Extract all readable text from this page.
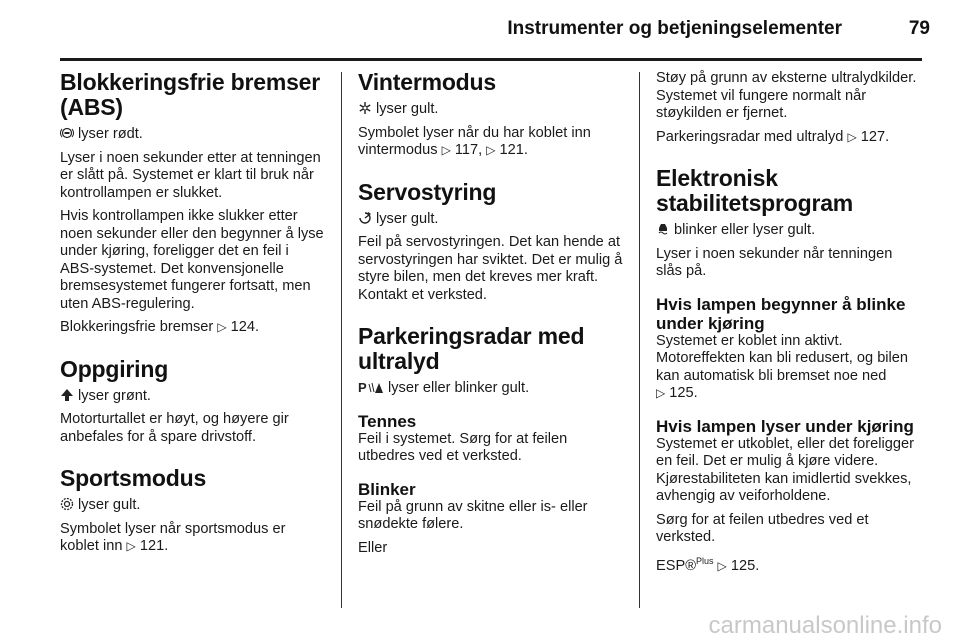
Instrumenter og betjeningselementer	79
Blokkeringsfrie bremser (ABS)

lyser rødt.

Lyser i noen sekunder etter at tenningen er slått på. Systemet er klart til bruk når kontrollampen er slukket.

Hvis kontrollampen ikke slukker etter noen sekunder eller den begynner å lyse under kjøring, foreligger det en feil i ABS-systemet. Det konvensjonelle bremsesystemet fungerer fortsatt, men uten ABS-regulering.

Blokkeringsfrie bremser ▷ 124.

Oppgiring

lyser grønt.

Motorturtallet er høyt, og høyere gir anbefales for å spare drivstoff.

Sportsmodus

lyser gult.

Symbolet lyser når sportsmodus er koblet inn ▷ 121.

Vintermodus

lyser gult.

Symbolet lyser når du har koblet inn vintermodus ▷ 117, ▷ 121.

Servostyring

lyser gult.

Feil på servostyringen. Det kan hende at servostyringen har sviktet. Det er mulig å styre bilen, men det kreves mer kraft. Kontakt et verksted.

Parkeringsradar med ultralyd

P lyser eller blinker gult.

Tennes

Feil i systemet. Sørg for at feilen utbedres ved et verksted.

Blinker

Feil på grunn av skitne eller is- eller snødekte følere.

Eller

Støy på grunn av eksterne ultralydkilder. Systemet vil fungere normalt når støykilden er fjernet.

Parkeringsradar med ultralyd ▷ 127.

Elektronisk stabilitetsprogram

blinker eller lyser gult.

Lyser i noen sekunder når tenningen slås på.

Hvis lampen begynner å blinke under kjøring

Systemet er koblet inn aktivt. Motoreffekten kan bli redusert, og bilen kan automatisk bli bremset noe ned
▷ 125.

Hvis lampen lyser under kjøring

Systemet er utkoblet, eller det foreligger en feil. Det er mulig å kjøre videre. Kjørestabiliteten kan imidlertid svekkes, avhengig av veiforholdene.

Sørg for at feilen utbedres ved et verksted.

ESP®$^{Plus}$ ▷ 125.

carmanualsonline.info
